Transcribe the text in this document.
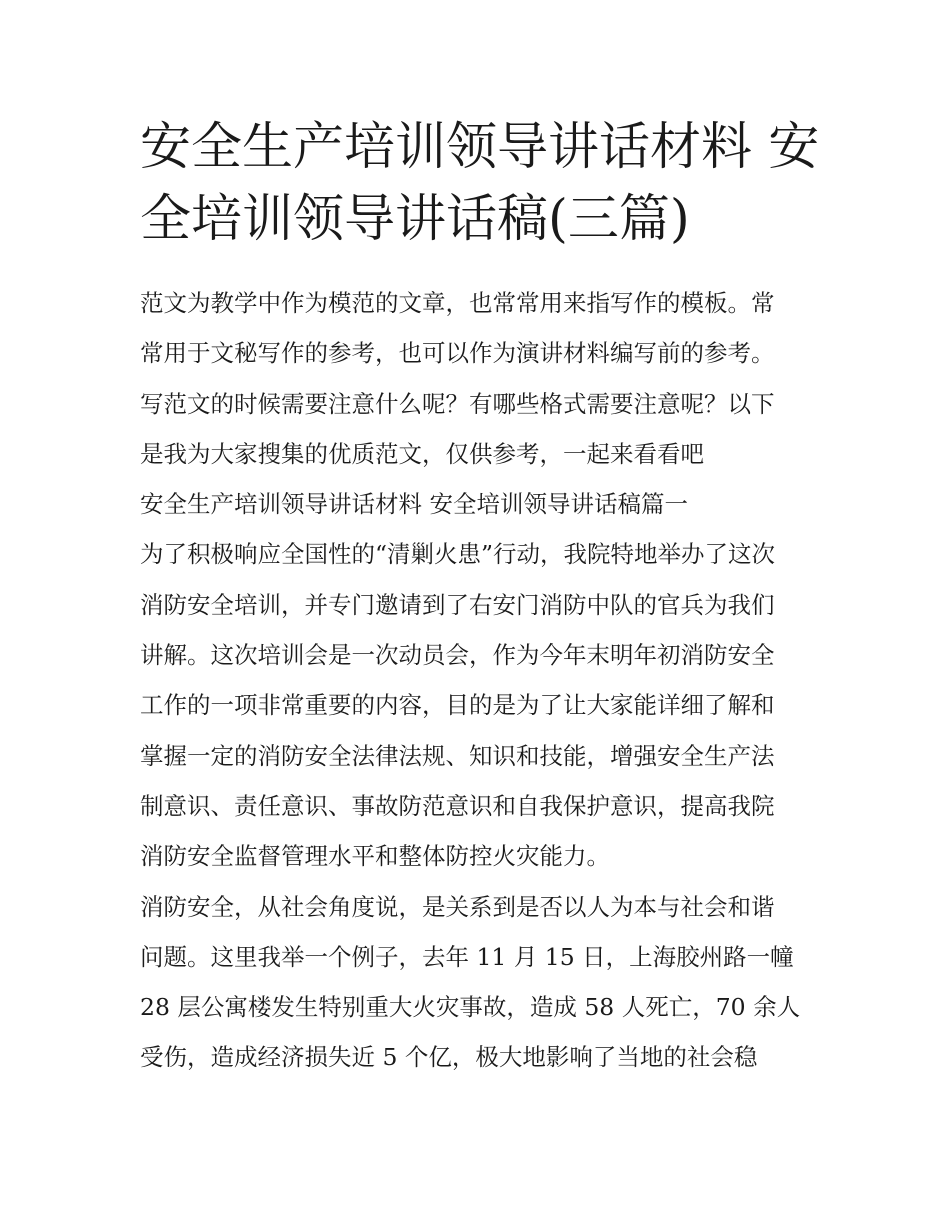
安全生产培训领导讲话材料 安
全培训领导讲话稿(三篇)
范文为教学中作为模范的文章，也常常用来指写作的模板。常
常用于文秘写作的参考，也可以作为演讲材料编写前的参考。
写范文的时候需要注意什么呢？有哪些格式需要注意呢？以下
是我为大家搜集的优质范文，仅供参考，一起来看看吧
安全生产培训领导讲话材料 安全培训领导讲话稿篇一
为了积极响应全国性的“清剿火患”行动，我院特地举办了这次
消防安全培训，并专门邀请到了右安门消防中队的官兵为我们
讲解。这次培训会是一次动员会，作为今年末明年初消防安全
工作的一项非常重要的内容，目的是为了让大家能详细了解和
掌握一定的消防安全法律法规、知识和技能，增强安全生产法
制意识、责任意识、事故防范意识和自我保护意识，提高我院
消防安全监督管理水平和整体防控火灾能力。
消防安全，从社会角度说，是关系到是否以人为本与社会和谐
问题。这里我举一个例子，去年 11 月 15 日，上海胶州路一幢
28 层公寓楼发生特别重大火灾事故，造成 58 人死亡，70 余人
受伤，造成经济损失近 5 个亿，极大地影响了当地的社会稳
